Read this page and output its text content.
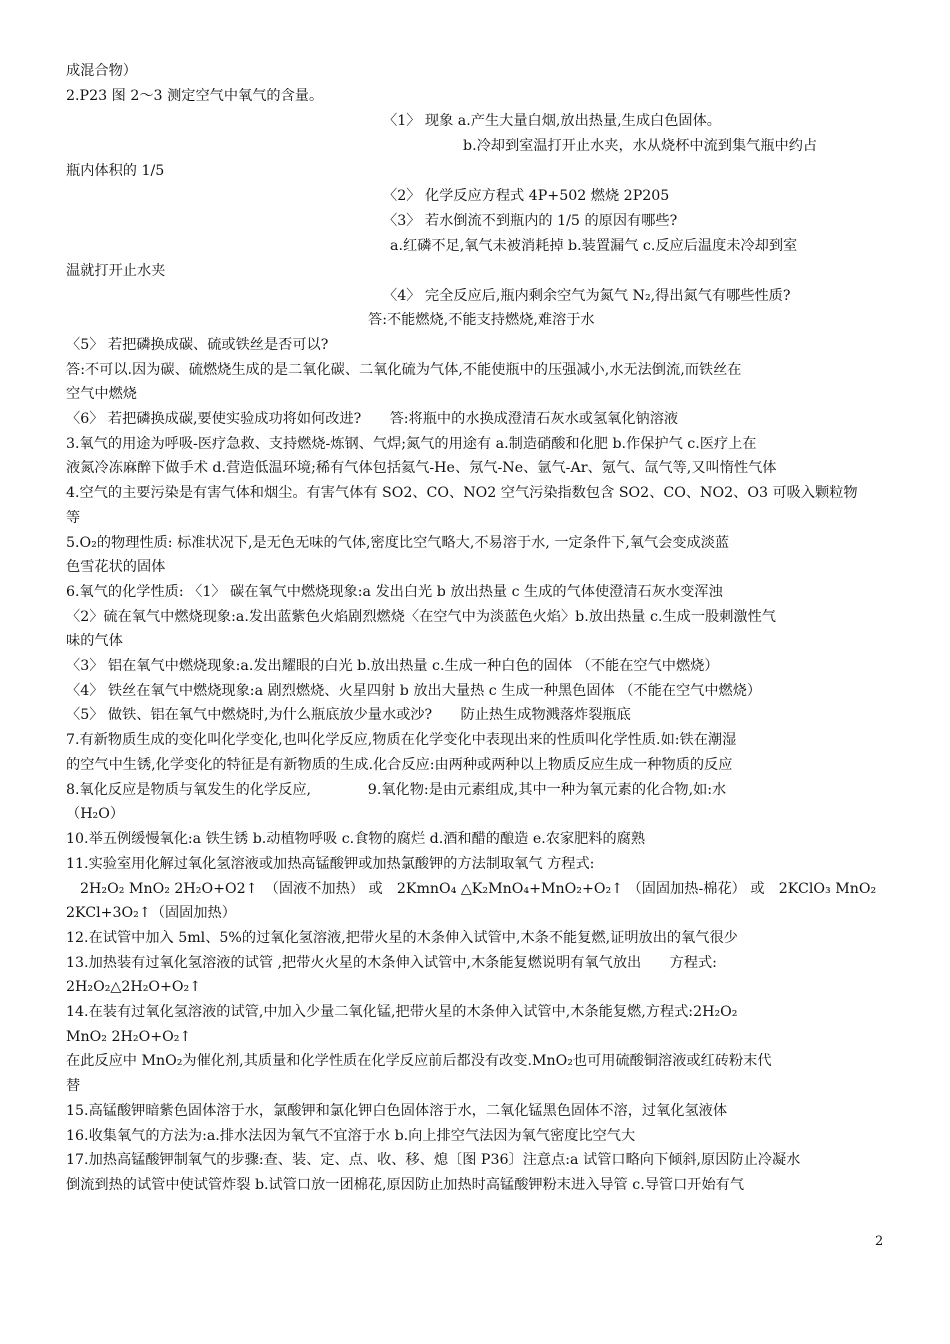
成混合物）
2.P23 图 2～3 测定空气中氧气的含量。
〈1〉 现象 a.产生大量白烟,放出热量,生成白色固体。
b.冷却到室温打开止水夹，水从烧杯中流到集气瓶中约占
瓶内体积的 1/5
〈2〉 化学反应方程式 4P+502 燃烧 2P205
〈3〉 若水倒流不到瓶内的 1/5 的原因有哪些?
a.红磷不足,氧气未被消耗掉 b.装置漏气 c.反应后温度未冷却到室
温就打开止水夹
〈4〉 完全反应后,瓶内剩余空气为氮气 N₂,得出氮气有哪些性质?
答:不能燃烧,不能支持燃烧,难溶于水
〈5〉 若把磷换成碳、硫或铁丝是否可以?
答:不可以.因为碳、硫燃烧生成的是二氧化碳、二氧化硫为气体,不能使瓶中的压强减小,水无法倒流,而铁丝在
空气中燃烧
〈6〉 若把磷换成碳,要使实验成功将如何改进?　　答:将瓶中的水换成澄清石灰水或氢氧化钠溶液
3.氧气的用途为呼吸-医疗急救、支持燃烧-炼钢、气焊;氮气的用途有 a.制造硝酸和化肥 b.作保护气 c.医疗上在
液氮冷冻麻醉下做手术 d.营造低温环境;稀有气体包括氦气-He、氖气-Ne、氩气-Ar、氪气、氙气等,又叫惰性气体
4.空气的主要污染是有害气体和烟尘。有害气体有 SO2、CO、NO2 空气污染指数包含 SO2、CO、NO2、O3 可吸入颗粒物
等
5.O₂的物理性质: 标准状况下,是无色无味的气体,密度比空气略大,不易溶于水, 一定条件下,氧气会变成淡蓝
色雪花状的固体
6.氧气的化学性质: 〈1〉 碳在氧气中燃烧现象:a 发出白光 b 放出热量 c 生成的气体使澄清石灰水变浑浊
〈2〉硫在氧气中燃烧现象:a.发出蓝紫色火焰剧烈燃烧〈在空气中为淡蓝色火焰〉b.放出热量 c.生成一股刺激性气
味的气体
〈3〉 铝在氧气中燃烧现象:a.发出耀眼的白光 b.放出热量 c.生成一种白色的固体 （不能在空气中燃烧）
〈4〉 铁丝在氧气中燃烧现象:a 剧烈燃烧、火星四射 b 放出大量热 c 生成一种黑色固体 （不能在空气中燃烧）
〈5〉 做铁、铝在氧气中燃烧时,为什么瓶底放少量水或沙?　　防止热生成物溅落炸裂瓶底
7.有新物质生成的变化叫化学变化,也叫化学反应,物质在化学变化中表现出来的性质叫化学性质.如:铁在潮湿
的空气中生锈,化学变化的特征是有新物质的生成.化合反应:由两种或两种以上物质反应生成一种物质的反应
8.氧化反应是物质与氧发生的化学反应,　　　　9.氧化物:是由元素组成,其中一种为氧元素的化合物,如:水
（H₂O）
10.举五例缓慢氧化:a 铁生锈 b.动植物呼吸 c.食物的腐烂 d.酒和醋的酿造 e.农家肥料的腐熟
11.实验室用化解过氧化氢溶液或加热高锰酸钾或加热氯酸钾的方法制取氧气 方程式:
2H₂O₂ MnO₂ 2H₂O+O2↑　（固液不加热） 或　2KmnO₄ △K₂MnO₄+MnO₂+O₂↑ （固固加热-棉花） 或　2KClO₃ MnO₂
2KCl+3O₂↑（固固加热）
12.在试管中加入 5ml、5%的过氧化氢溶液,把带火星的木条伸入试管中,木条不能复燃,证明放出的氧气很少
13.加热装有过氧化氢溶液的试管 ,把带火火星的木条伸入试管中,木条能复燃说明有氧气放出　　方程式:
2H₂O₂△2H₂O+O₂↑
14.在装有过氧化氢溶液的试管,中加入少量二氧化锰,把带火星的木条伸入试管中,木条能复燃,方程式:2H₂O₂
MnO₂ 2H₂O+O₂↑
在此反应中 MnO₂为催化剂,其质量和化学性质在化学反应前后都没有改变.MnO₂也可用硫酸铜溶液或红砖粉末代
替
15.高锰酸钾暗紫色固体溶于水，氯酸钾和氯化钾白色固体溶于水，二氧化锰黑色固体不溶，过氧化氢液体
16.收集氧气的方法为:a.排水法因为氧气不宜溶于水 b.向上排空气法因为氧气密度比空气大
17.加热高锰酸钾制氧气的步骤:查、装、定、点、收、移、熄〔图 P36〕注意点:a 试管口略向下倾斜,原因防止冷凝水
倒流到热的试管中使试管炸裂 b.试管口放一团棉花,原因防止加热时高锰酸钾粉末进入导管 c.导管口开始有气
2
